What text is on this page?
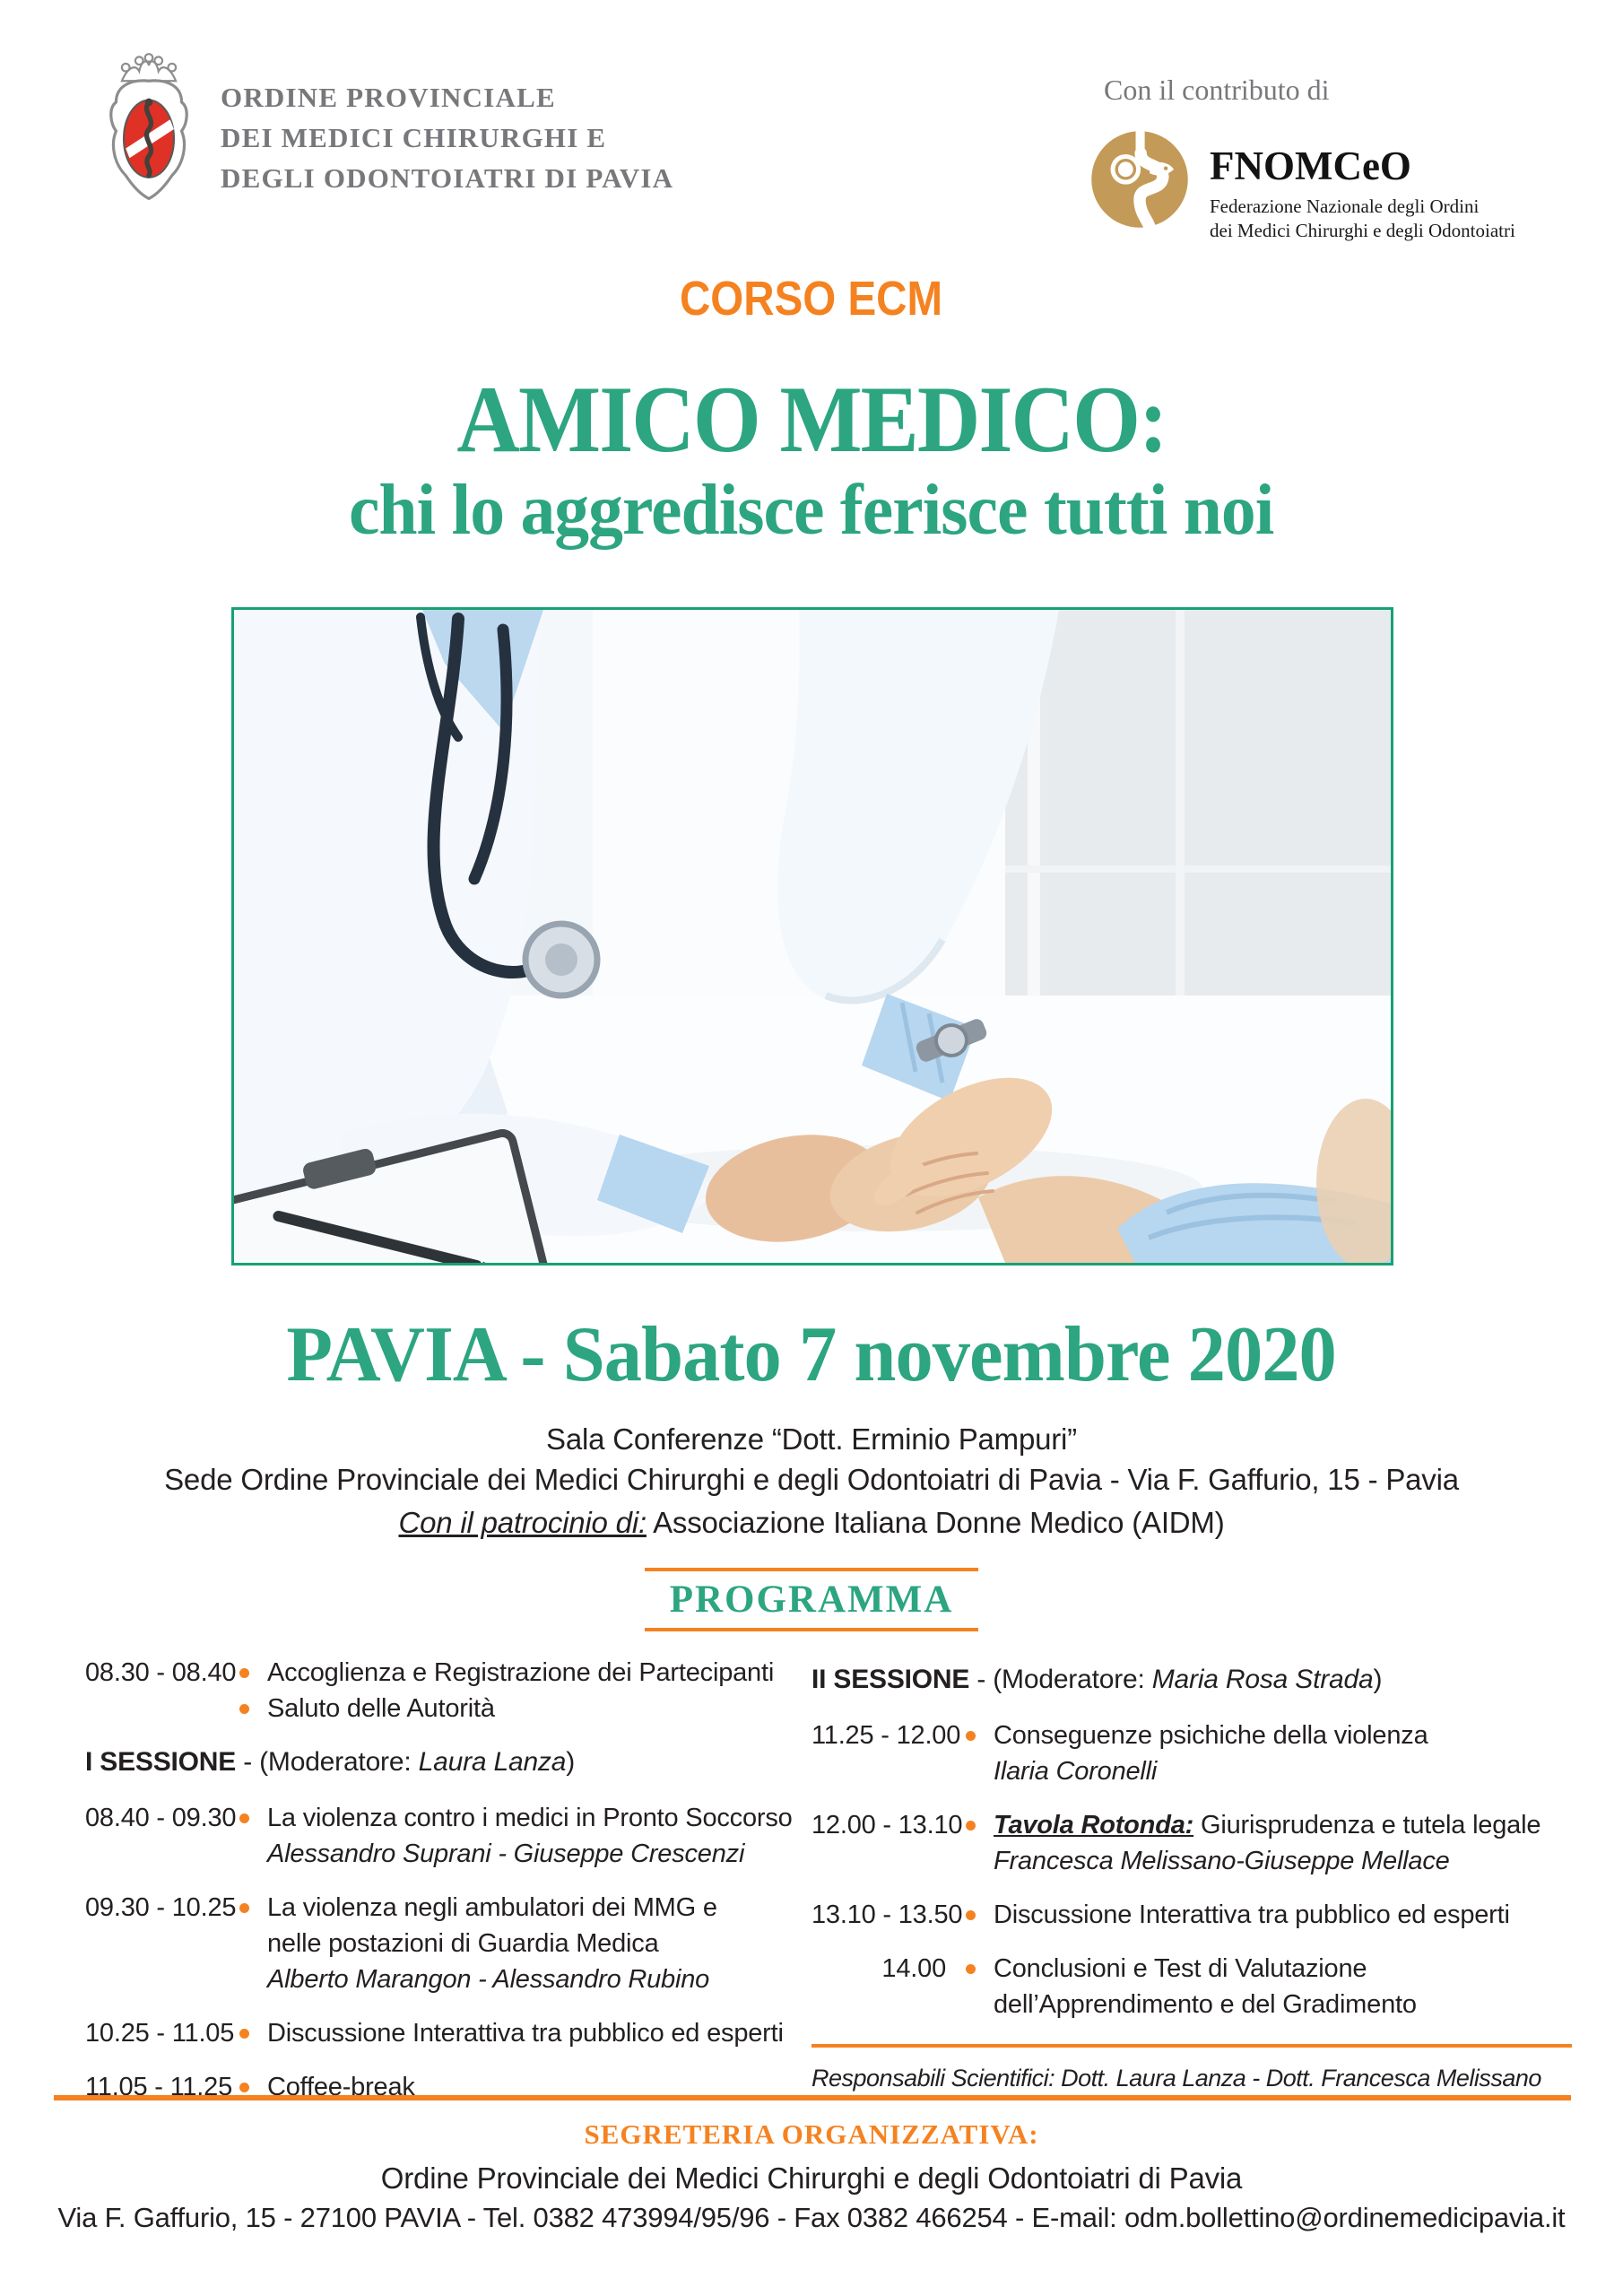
ORDINE PROVINCIALE
DEI MEDICI CHIRURGHI E
DEGLI ODONTOIATRI DI PAVIA
Con il contributo di
FNOMCeO
Federazione Nazionale degli Ordini
dei Medici Chirurghi e degli Odontoiatri
CORSO ECM
AMICO MEDICO:
chi lo aggredisce ferisce tutti noi
PAVIA - Sabato 7 novembre 2020
Sala Conferenze “Dott. Erminio Pampuri”
Sede Ordine Provinciale dei Medici Chirurghi e degli Odontoiatri di Pavia - Via F. Gaffurio, 15 - Pavia
Con il patrocinio di: Associazione Italiana Donne Medico (AIDM)
PROGRAMMA
08.30 - 08.40 Accoglienza e Registrazione dei Partecipanti
Saluto delle Autorità
I SESSIONE - (Moderatore: Laura Lanza)
08.40 - 09.30 La violenza contro i medici in Pronto Soccorso
Alessandro Suprani - Giuseppe Crescenzi
09.30 - 10.25 La violenza negli ambulatori dei MMG e
nelle postazioni di Guardia Medica
Alberto Marangon - Alessandro Rubino
10.25 - 11.05 Discussione Interattiva tra pubblico ed esperti
11.05 - 11.25 Coffee-break
II SESSIONE - (Moderatore: Maria Rosa Strada)
11.25 - 12.00 Conseguenze psichiche della violenza
Ilaria Coronelli
12.00 - 13.10 Tavola Rotonda: Giurisprudenza e tutela legale
Francesca Melissano-Giuseppe Mellace
13.10 - 13.50 Discussione Interattiva tra pubblico ed esperti
14.00 Conclusioni e Test di Valutazione
dell’Apprendimento e del Gradimento
Responsabili Scientifici: Dott. Laura Lanza - Dott. Francesca Melissano
SEGRETERIA ORGANIZZATIVA:
Ordine Provinciale dei Medici Chirurghi e degli Odontoiatri di Pavia
Via F. Gaffurio, 15 - 27100 PAVIA - Tel. 0382 473994/95/96 - Fax 0382 466254 - E-mail: odm.bollettino@ordinemedicipavia.it
